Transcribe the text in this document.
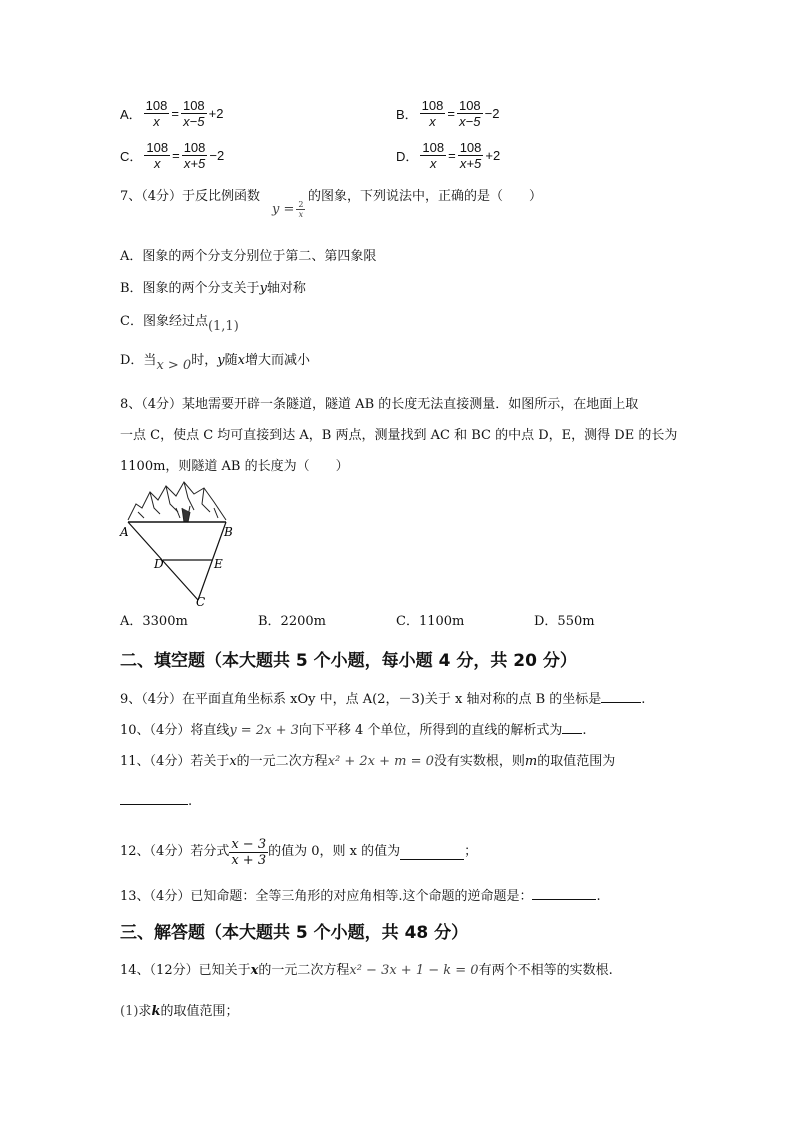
A． $\frac{108}{x} = \frac{108}{x-5} +2$	B． $\frac{108}{x} = \frac{108}{x-5} -2$
C． $\frac{108}{x} = \frac{108}{x+5} -2$	D． $\frac{108}{x} = \frac{108}{x+5} +2$
7、（4分）于反比例函数	的图象，下列说法中，正确的是（　　）
$y = \frac{2}{x}$
A．图象的两个分支分别位于第二、第四象限
B．图象的两个分支关于y轴对称
C．图象经过点(1,1)
D．当x > 0时，y随x增大而减小
8、（4分）某地需要开辟一条隧道，隧道 AB 的长度无法直接测量．如图所示，在地面上取
一点 C，使点 C 均可直接到达 A，B 两点，测量找到 AC 和 BC 的中点 D，E，测得 DE 的长为
1100m，则隧道 AB 的长度为（　　）
A	B
D	E
C
A．3300m	B．2200m	C．1100m	D．550m
二、填空题（本大题共 5 个小题，每小题 4 分，共 20 分）
9、（4分）在平面直角坐标系 xOy 中，点 A(2，－3)关于 x 轴对称的点 B 的坐标是	.
10、（4分）将直线y = 2x + 3向下平移 4 个单位，所得到的直线的解析式为 .
11、（4分）若关于x的一元二次方程x² + 2x + m = 0没有实数根，则m的取值范围为
.
12、（4分）若分式 $\frac{x - 3}{x + 3}$ 的值为 0，则 x 的值为	；
13、（4分）已知命题：全等三角形的对应角相等.这个命题的逆命题是：	.
三、解答题（本大题共 5 个小题，共 48 分）
14、（12分）已知关于x的一元二次方程x² − 3x + 1 − k = 0有两个不相等的实数根.
(1)求k的取值范围；
